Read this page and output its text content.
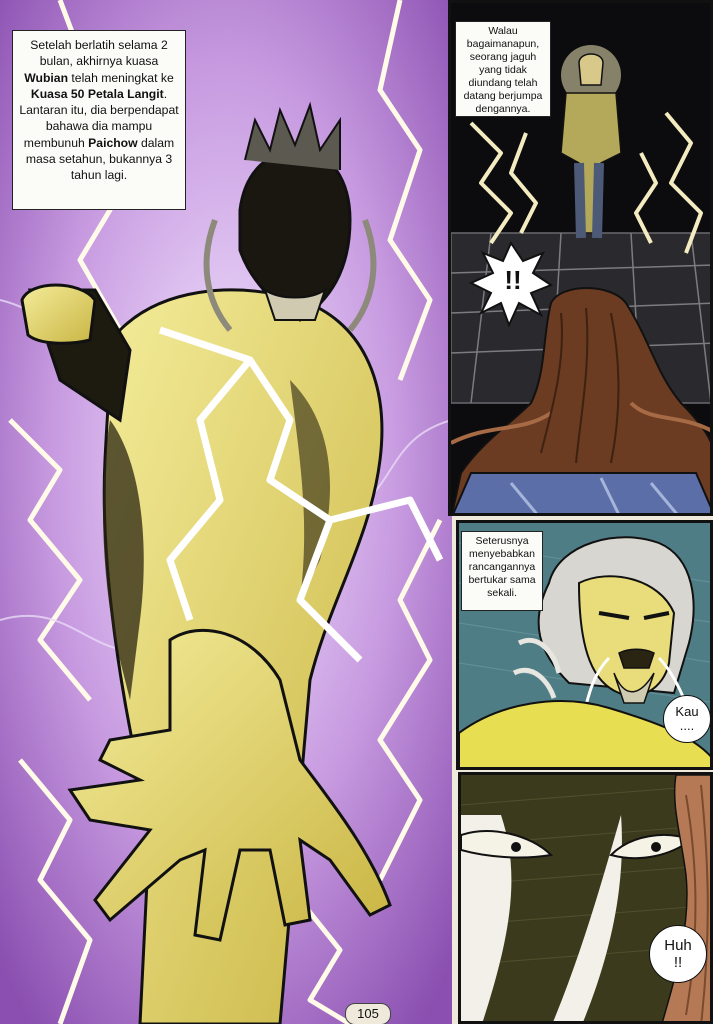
Setelah berlatih selama 2 bulan, akhirnya kuasa Wubian telah meningkat ke Kuasa 50 Petala Langit. Lantaran itu, dia berpendapat bahawa dia mampu membunuh Paichow dalam masa setahun, bukannya 3 tahun lagi.
!!
Walau bagaimanapun, seorang jaguh yang tidak diundang telah datang berjumpa dengannya.
Seterusnya menyebabkan rancangannya bertukar sama sekali.
Kau ....
Huh !!
105
